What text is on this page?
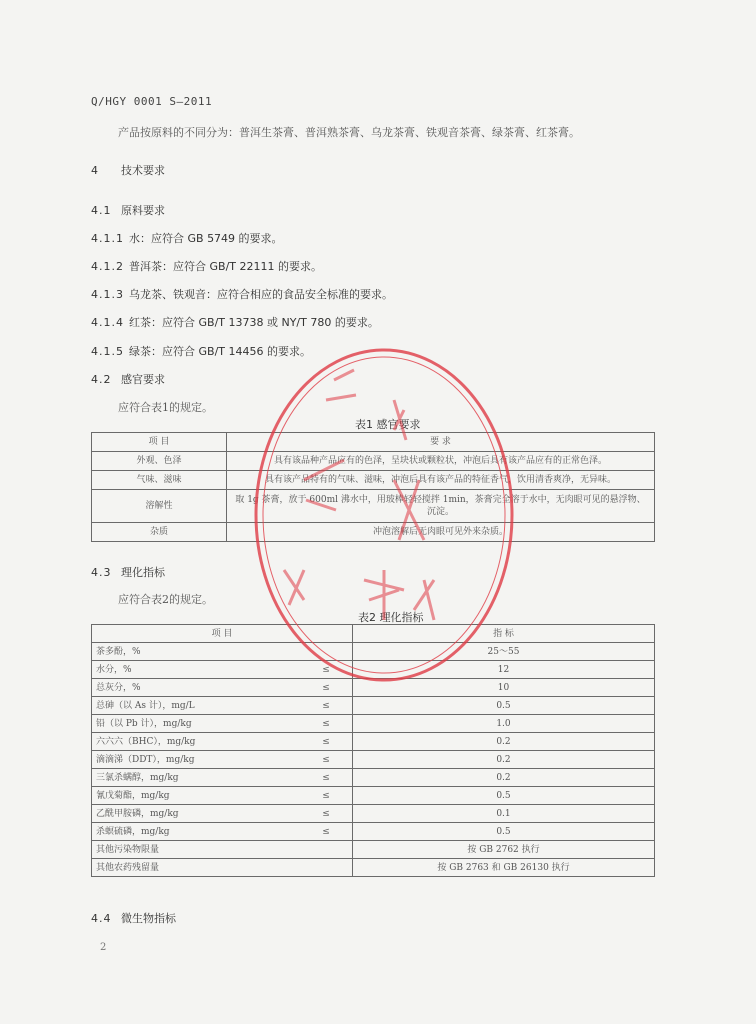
Q/HGY 0001 S—2011
产品按原料的不同分为：普洱生茶膏、普洱熟茶膏、乌龙茶膏、铁观音茶膏、绿茶膏、红茶膏。
4 技术要求
4.1 原料要求
4.1.1 水：应符合 GB 5749 的要求。
4.1.2 普洱茶：应符合 GB/T 22111 的要求。
4.1.3 乌龙茶、铁观音：应符合相应的食品安全标准的要求。
4.1.4 红茶：应符合 GB/T 13738 或 NY/T 780 的要求。
4.1.5 绿茶：应符合 GB/T 14456 的要求。
4.2 感官要求
应符合表1的规定。
表1 感官要求
项 目	要 求
外观、色泽	具有该品种产品应有的色泽，呈块状或颗粒状，冲泡后具有该产品应有的正常色泽。
气味、滋味	具有该产品特有的气味、滋味，冲泡后具有该产品的特征香气，饮用清香爽净，无异味。
溶解性	取 1g 茶膏，放于 600ml 沸水中，用玻棒轻轻搅拌 1min，茶膏完全溶于水中，无肉眼可见的悬浮物、沉淀。
杂质	冲泡溶解后无肉眼可见外来杂质。
4.3 理化指标
应符合表2的规定。
表2 理化指标
项 目		指 标
茶多酚，%		25～55
水分，%	≤	12
总灰分，%	≤	10
总砷（以 As 计），mg/L	≤	0.5
铅（以 Pb 计），mg/kg	≤	1.0
六六六（BHC），mg/kg	≤	0.2
滴滴涕（DDT），mg/kg	≤	0.2
三氯杀螨醇，mg/kg	≤	0.2
氰戊菊酯，mg/kg	≤	0.5
乙酰甲胺磷，mg/kg	≤	0.1
杀螟硫磷，mg/kg	≤	0.5
其他污染物限量		按 GB 2762 执行
其他农药残留量		按 GB 2763 和 GB 26130 执行
4.4 微生物指标
2
